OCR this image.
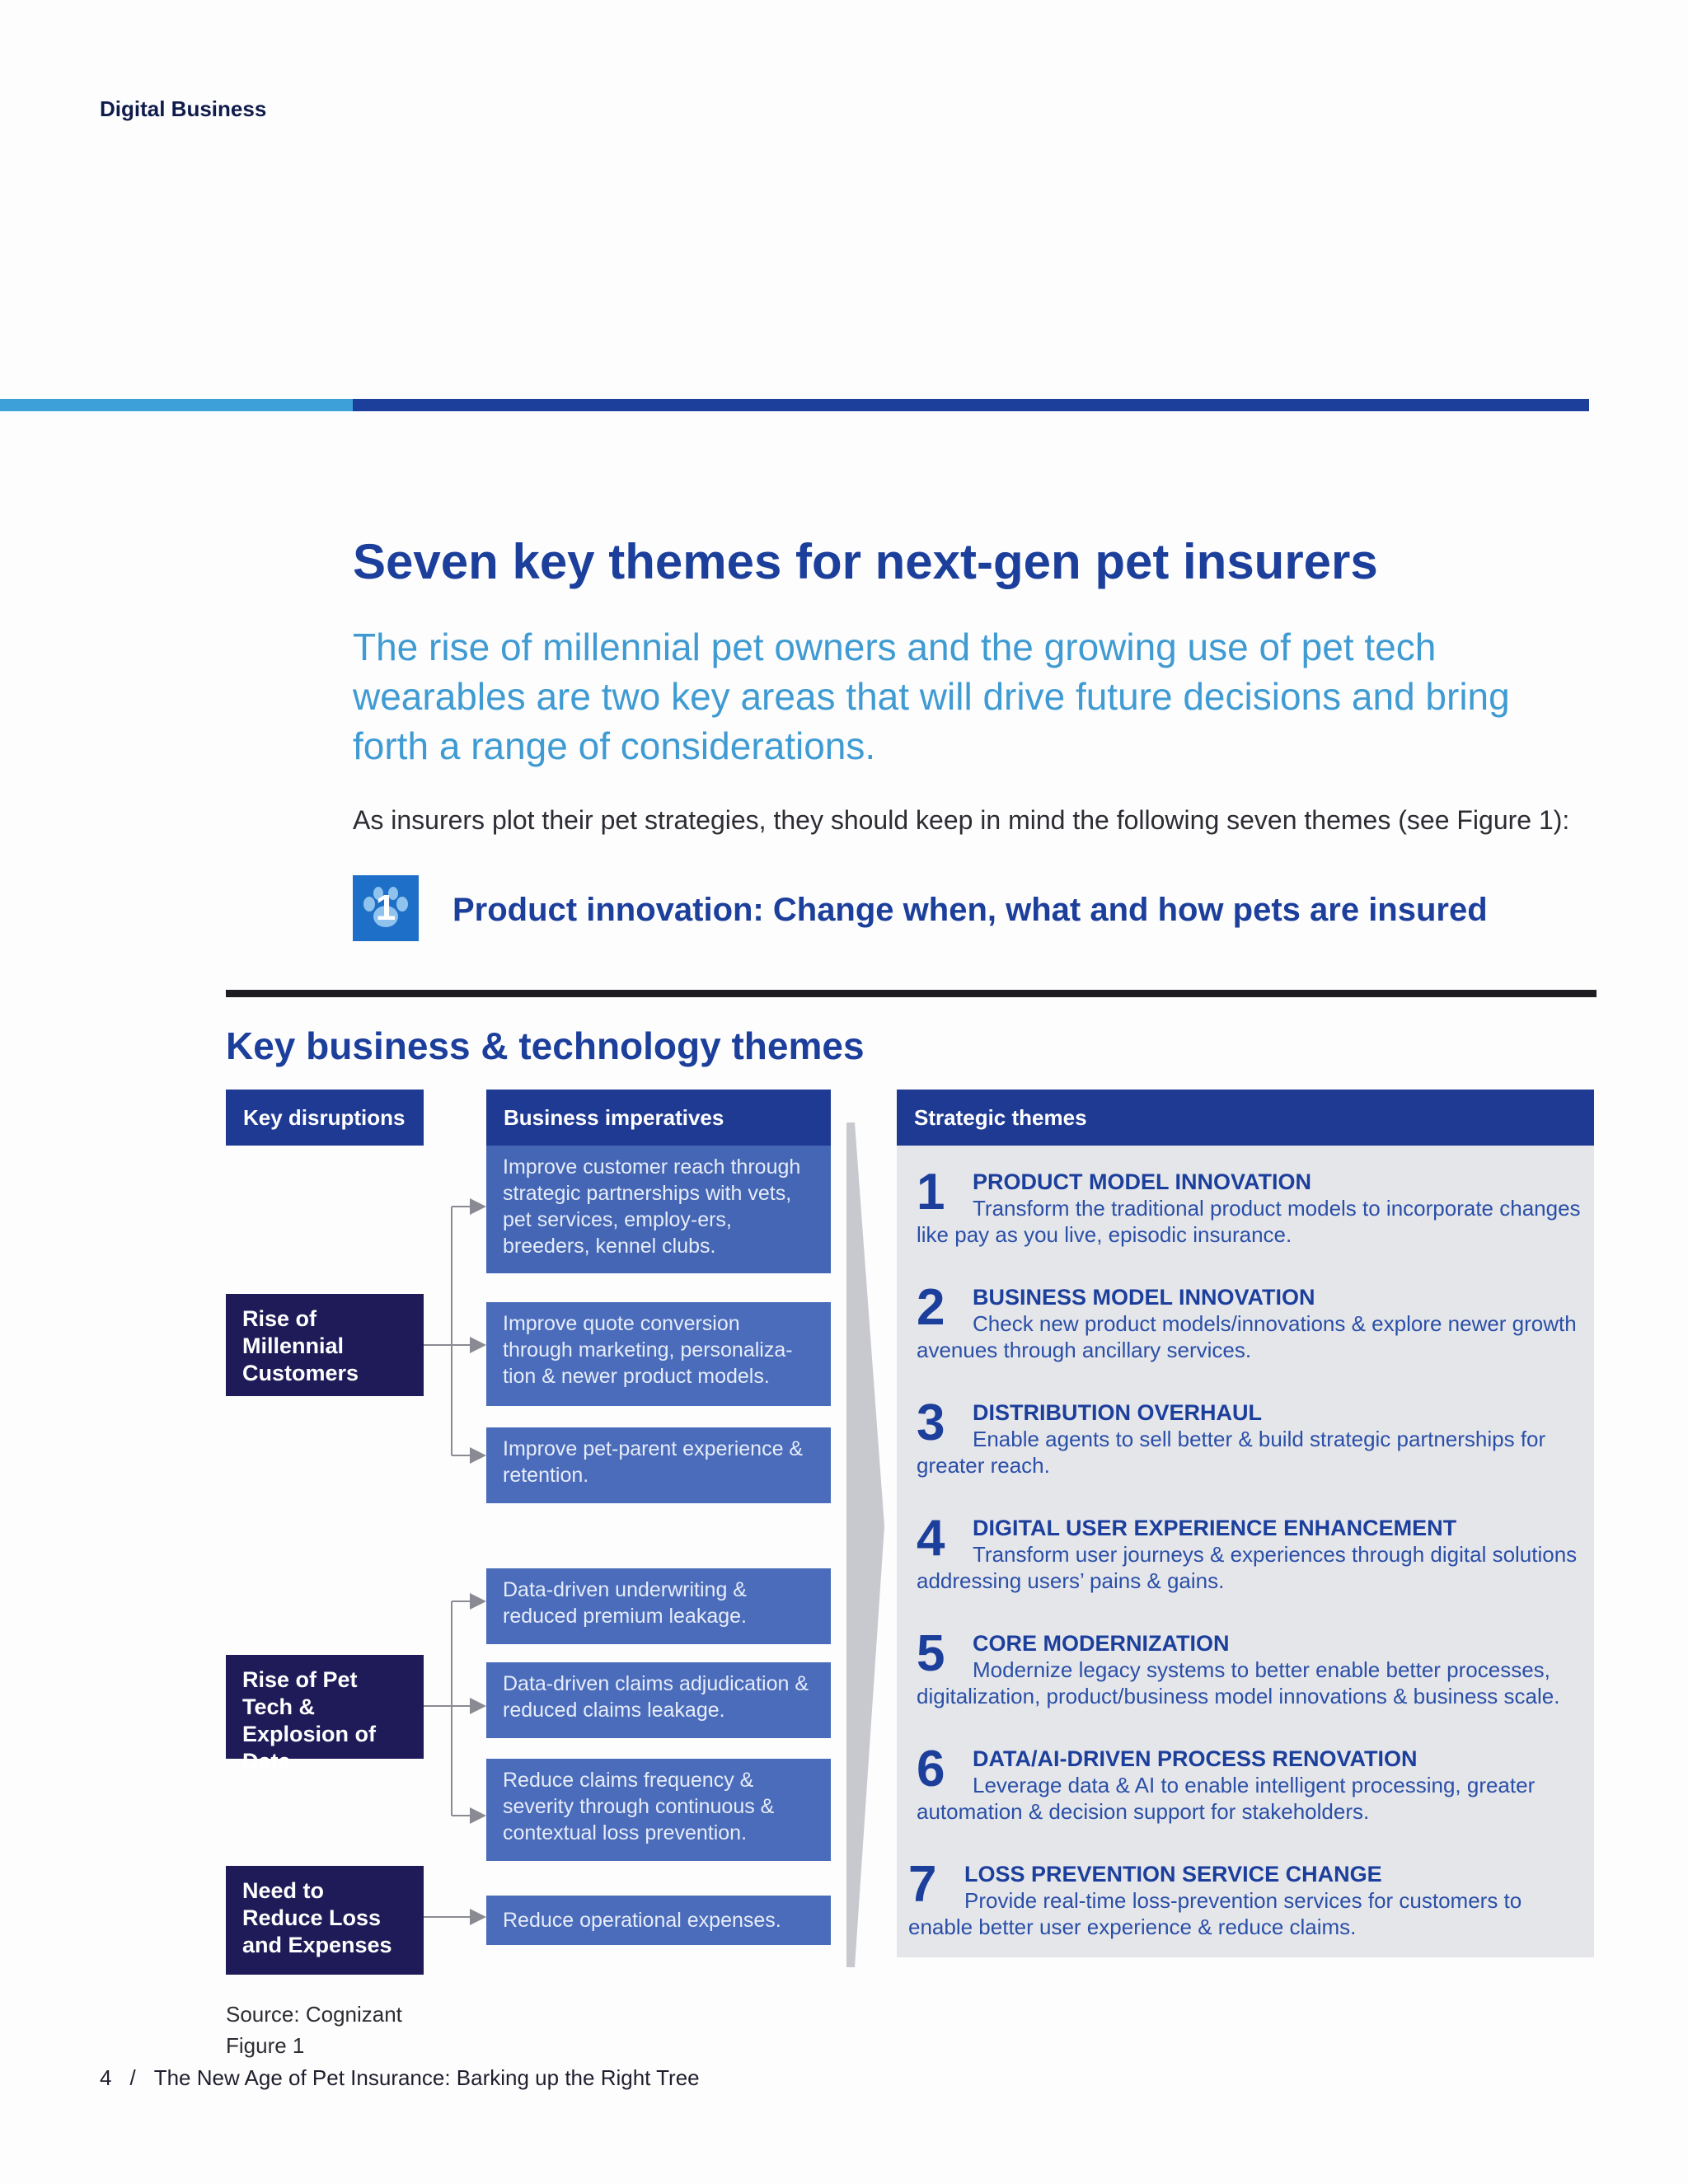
Digital Business
Seven key themes for next-gen pet insurers
The rise of millennial pet owners and the growing use of pet tech wearables are two key areas that will drive future decisions and bring forth a range of considerations.
As insurers plot their pet strategies, they should keep in mind the following seven themes (see Figure 1):
1	Product innovation: Change when, what and how pets are insured
Key business & technology themes
Key disruptions	Business imperatives	Strategic themes
Rise of Millennial Customers
Rise of Pet Tech & Explosion of Data
Need to Reduce Loss and Expenses
Improve customer reach through strategic partnerships with vets, pet services, employ-ers, breeders, kennel clubs.
Improve quote conversion through marketing, personaliza-tion & newer product models.
Improve pet-parent experience & retention.
Data-driven underwriting & reduced premium leakage.
Data-driven claims adjudication & reduced claims leakage.
Reduce claims frequency & severity through continuous & contextual loss prevention.
Reduce operational expenses.
1 PRODUCT MODEL INNOVATION
Transform the traditional product models to incorporate changes like pay as you live, episodic insurance.
2 BUSINESS MODEL INNOVATION
Check new product models/innovations & explore newer growth avenues through ancillary services.
3 DISTRIBUTION OVERHAUL
Enable agents to sell better & build strategic partnerships for greater reach.
4 DIGITAL USER EXPERIENCE ENHANCEMENT
Transform user journeys & experiences through digital solutions addressing users’ pains & gains.
5 CORE MODERNIZATION
Modernize legacy systems to better enable better processes, digitalization, product/business model innovations & business scale.
6 DATA/AI-DRIVEN PROCESS RENOVATION
Leverage data & AI to enable intelligent processing, greater automation & decision support for stakeholders.
7 LOSS PREVENTION SERVICE CHANGE
Provide real-time loss-prevention services for customers to enable better user experience & reduce claims.
Source: Cognizant
Figure 1
4 / The New Age of Pet Insurance: Barking up the Right Tree
